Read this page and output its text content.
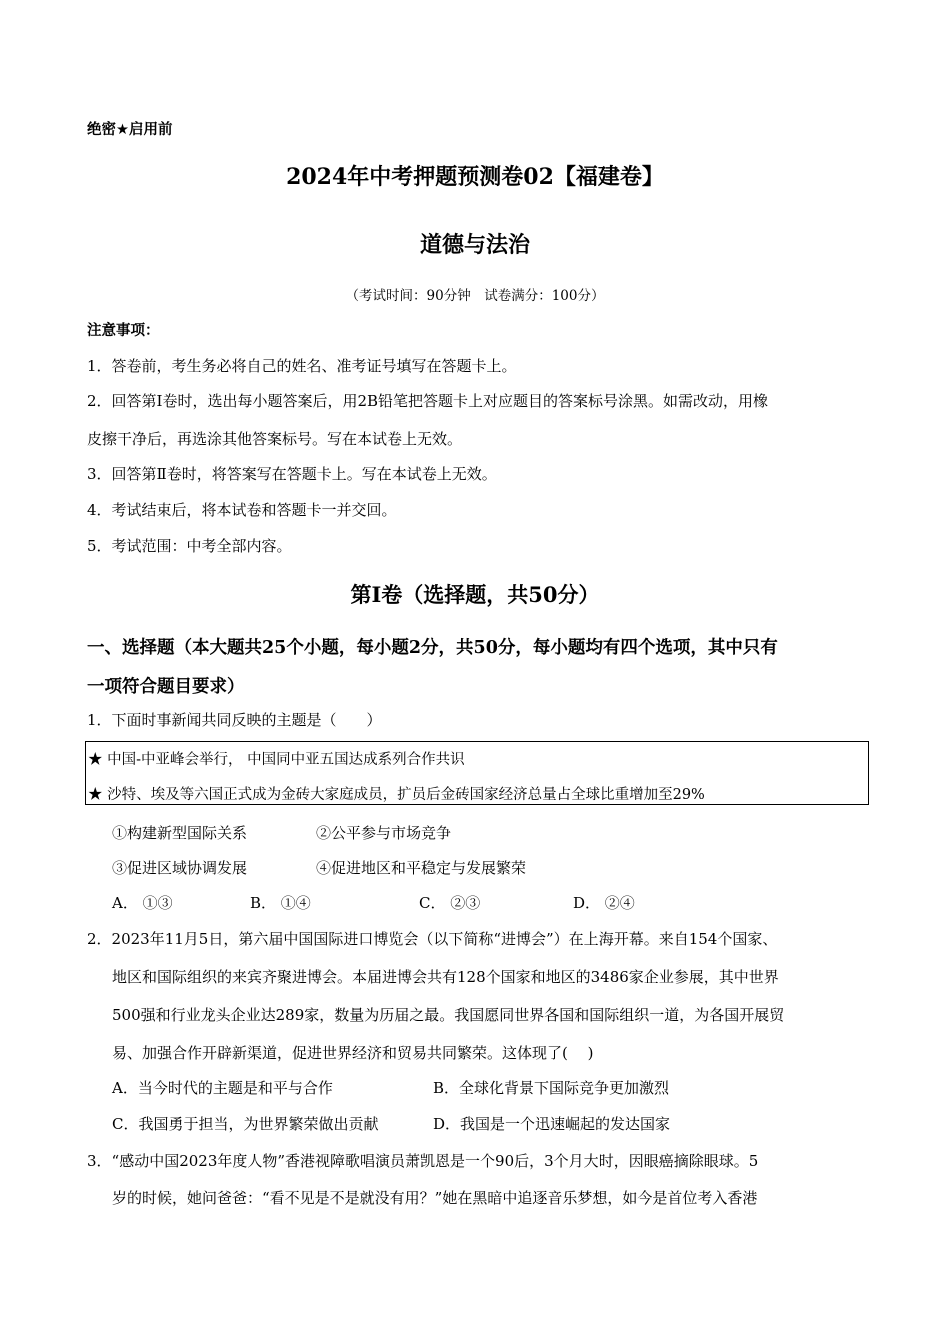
绝密★启用前
2024年中考押题预测卷02【福建卷】
道德与法治
（考试时间：90分钟　试卷满分：100分）
注意事项：
1．答卷前，考生务必将自己的姓名、准考证号填写在答题卡上。
2．回答第Ⅰ卷时，选出每小题答案后，用2B铅笔把答题卡上对应题目的答案标号涂黑。如需改动，用橡
皮擦干净后，再选涂其他答案标号。写在本试卷上无效。
3．回答第Ⅱ卷时，将答案写在答题卡上。写在本试卷上无效。
4．考试结束后，将本试卷和答题卡一并交回。
5．考试范围：中考全部内容。
第Ⅰ卷（选择题，共50分）
一、选择题（本大题共25个小题，每小题2分，共50分，每小题均有四个选项，其中只有
一项符合题目要求）
1．下面时事新闻共同反映的主题是（　　）
★ 中国-中亚峰会举行， 中国同中亚五国达成系列合作共识
★ 沙特、埃及等六国正式成为金砖大家庭成员，扩员后金砖国家经济总量占全球比重增加至29%
①构建新型国际关系	②公平参与市场竞争
③促进区域协调发展	④促进地区和平稳定与发展繁荣
A． ①③	B． ①④	C． ②③	D． ②④
2．2023年11月5日，第六届中国国际进口博览会（以下简称“进博会”）在上海开幕。来自154个国家、
地区和国际组织的来宾齐聚进博会。本届进博会共有128个国家和地区的3486家企业参展，其中世界
500强和行业龙头企业达289家，数量为历届之最。我国愿同世界各国和国际组织一道，为各国开展贸
易、加强合作开辟新渠道，促进世界经济和贸易共同繁荣。这体现了(　 )
A．当今时代的主题是和平与合作	B．全球化背景下国际竞争更加激烈
C．我国勇于担当，为世界繁荣做出贡献	D．我国是一个迅速崛起的发达国家
3．“感动中国2023年度人物”香港视障歌唱演员萧凯恩是一个90后，3个月大时，因眼癌摘除眼球。5
岁的时候，她问爸爸：“看不见是不是就没有用？”她在黑暗中追逐音乐梦想，如今是首位考入香港
